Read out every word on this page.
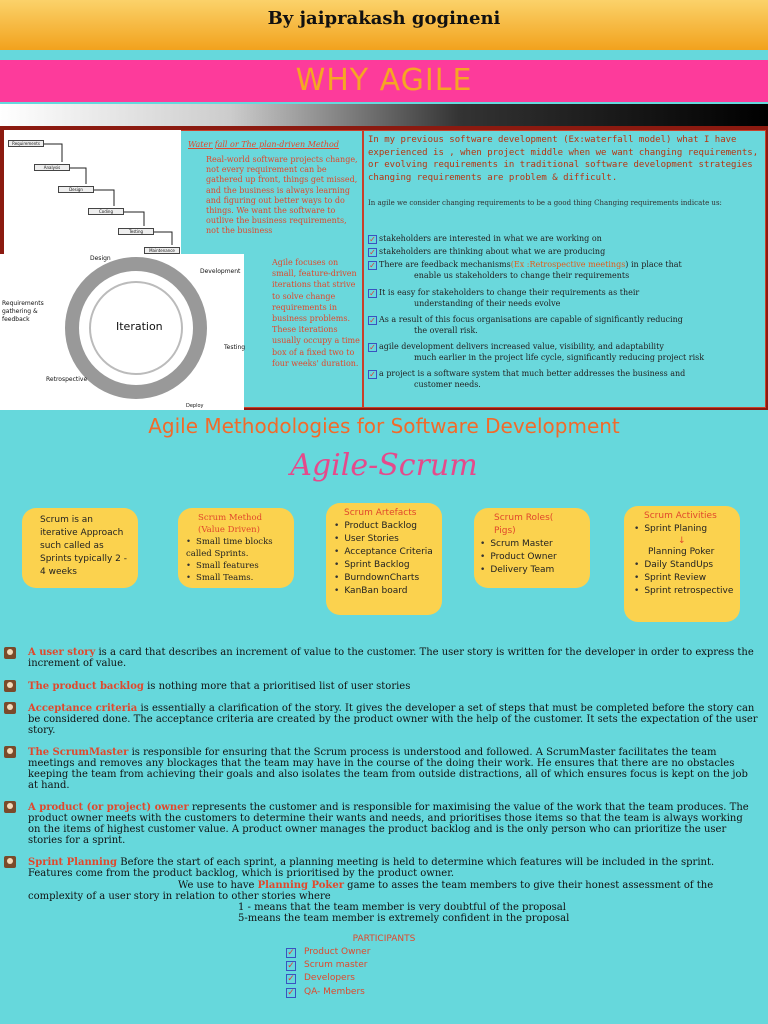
By jaiprakash gogineni
WHY AGILE
Requirements
Analysis
Design
Coding
Testing
Maintenance
Water fall or The plan-driven Method
Real-world software projects change, not every requirement can be gathered up front, things get missed, and the business is always learning and figuring out better ways to do things. We want the software to outlive the business requirements, not the business
Iteration
Design
Development
Testing
Deploy
Retrospective
Requirements gathering & feedback
Agile focuses on small, feature-driven iterations that strive to solve change requirements in business problems. These iterations usually occupy a time box of a fixed two to four weeks' duration.
In my previous software development (Ex:waterfall model) what I have experienced is , when project middle when we want changing requirements, or evolving requirements in traditional software development strategies changing requirements are problem & difficult.
In agile we consider changing requirements to be a good thing Changing requirements indicate us:
✓ stakeholders are interested in what we are working on
✓ stakeholders are thinking about what we are producing
✓ There are feedback mechanisms(Ex :Retrospective meetings) in place that
enable us stakeholders to change their requirements
✓ It is easy for stakeholders to change their requirements as their
understanding of their needs evolve
✓ As a result of this focus organisations are capable of significantly reducing
the overall risk.
✓ agile development delivers increased value, visibility, and adaptability
much earlier in the project life cycle, significantly reducing project risk
✓ a project is a software system that much better addresses the business and
customer needs.
Agile Methodologies for Software Development
Agile-Scrum
Scrum is an iterative Approach such called as Sprints typically 2 - 4 weeks
Scrum Method (Value Driven)
• Small time blocks called Sprints.
• Small features
• Small Teams.
Scrum Artefacts
• Product Backlog
• User Stories
• Acceptance Criteria
• Sprint Backlog
• BurndownCharts
• KanBan board
Scrum Roles( Pigs)
• Scrum Master
• Product Owner
• Delivery Team
Scrum Activities
• Sprint Planing
↓
Planning Poker
• Daily StandUps
• Sprint Review
• Sprint retrospective
A user story is a card that describes an increment of value to the customer. The user story is written for the developer in order to express the increment of value.
The product backlog is nothing more that a prioritised list of user stories
Acceptance criteria is essentially a clarification of the story. It gives the developer a set of steps that must be completed before the story can be considered done. The acceptance criteria are created by the product owner with the help of the customer. It sets the expectation of the user story.
The ScrumMaster is responsible for ensuring that the Scrum process is understood and followed. A ScrumMaster facilitates the team meetings and removes any blockages that the team may have in the course of the doing their work. He ensures that there are no obstacles keeping the team from achieving their goals and also isolates the team from outside distractions, all of which ensures focus is kept on the job at hand.
A product (or project) owner represents the customer and is responsible for maximising the value of the work that the team produces. The product owner meets with the customers to determine their wants and needs, and prioritises those items so that the team is always working on the items of highest customer value. A product owner manages the product backlog and is the only person who can prioritize the user stories for a sprint.
Sprint Planning Before the start of each sprint, a planning meeting is held to determine which features will be included in the sprint. Features come from the product backlog, which is prioritised by the product owner.
We use to have Planning Poker game to asses the team members to give their honest assessment of the
complexity of a user story in relation to other stories where
1 - means that the team member is very doubtful of the proposal
5-means the team member is extremely confident in the proposal
PARTICIPANTS
✓ Product Owner
✓ Scrum master
✓ Developers
✓ QA- Members
